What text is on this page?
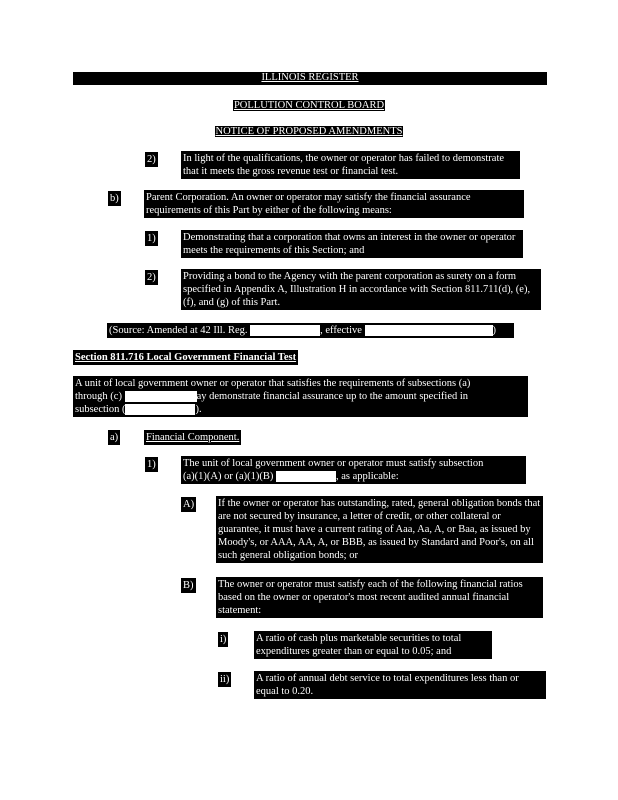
ILLINOIS REGISTER
POLLUTION CONTROL BOARD
NOTICE OF PROPOSED AMENDMENTS
2)	In light of the qualifications, the owner or operator has failed to demonstrate that it meets the gross revenue test or financial test.

b)	Parent Corporation. An owner or operator may satisfy the financial assurance requirements of this Part by either of the following means:

1)	Demonstrating that a corporation that owns an interest in the owner or operator meets the requirements of this Section; and

2)	Providing a bond to the Agency with the parent corporation as surety on a form specified in Appendix A, Illustration H in accordance with Section 811.711(d), (e), (f), and (g) of this Part.

(Source: Amended at 42 Ill. Reg.	, effective	)
Section 811.716 Local Government Financial Test

A unit of local government owner or operator that satisfies the requirements of subsections (a)

through (c)	ay demonstrate financial assurance up to the amount specified in

subsection (	).

a)	Financial Component.
1)	The unit of local government owner or operator must satisfy subsection

(a)(1)(A) or (a)(1)(B)	, as applicable:

A) If the owner or operator has outstanding, rated, general obligation bonds that are not secured by insurance, a letter of credit, or other collateral or guarantee, it must have a current rating of Aaa, Aa, A, or Baa, as issued by Moody's, or AAA, AA, A, or BBB, as issued by Standard and Poor's, on all such general obligation bonds; or

B) The owner or operator must satisfy each of the following financial ratios based on the owner or operator's most recent audited annual financial statement:

i)	A ratio of cash plus marketable securities to total expenditures greater than or equal to 0.05; and

ii)	A ratio of annual debt service to total expenditures less than or equal to 0.20.
